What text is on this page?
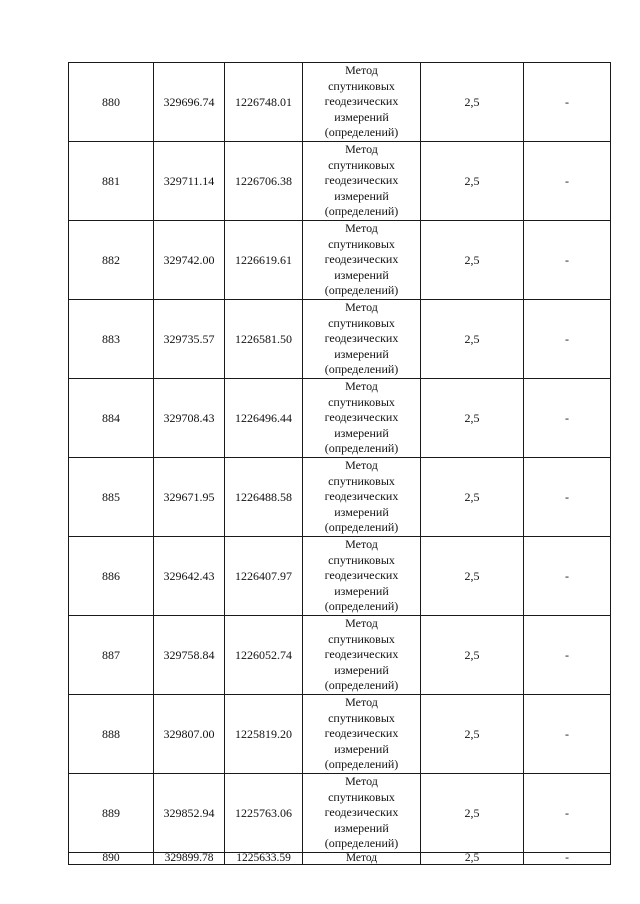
880	329696.74	1226748.01	Метод
спутниковых
геодезических
измерений
(определений)	2,5	-
881	329711.14	1226706.38	Метод
спутниковых
геодезических
измерений
(определений)	2,5	-
882	329742.00	1226619.61	Метод
спутниковых
геодезических
измерений
(определений)	2,5	-
883	329735.57	1226581.50	Метод
спутниковых
геодезических
измерений
(определений)	2,5	-
884	329708.43	1226496.44	Метод
спутниковых
геодезических
измерений
(определений)	2,5	-
885	329671.95	1226488.58	Метод
спутниковых
геодезических
измерений
(определений)	2,5	-
886	329642.43	1226407.97	Метод
спутниковых
геодезических
измерений
(определений)	2,5	-
887	329758.84	1226052.74	Метод
спутниковых
геодезических
измерений
(определений)	2,5	-
888	329807.00	1225819.20	Метод
спутниковых
геодезических
измерений
(определений)	2,5	-
889	329852.94	1225763.06	Метод
спутниковых
геодезических
измерений
(определений)	2,5	-
890	329899.78	1225633.59	Метод	2,5	-
